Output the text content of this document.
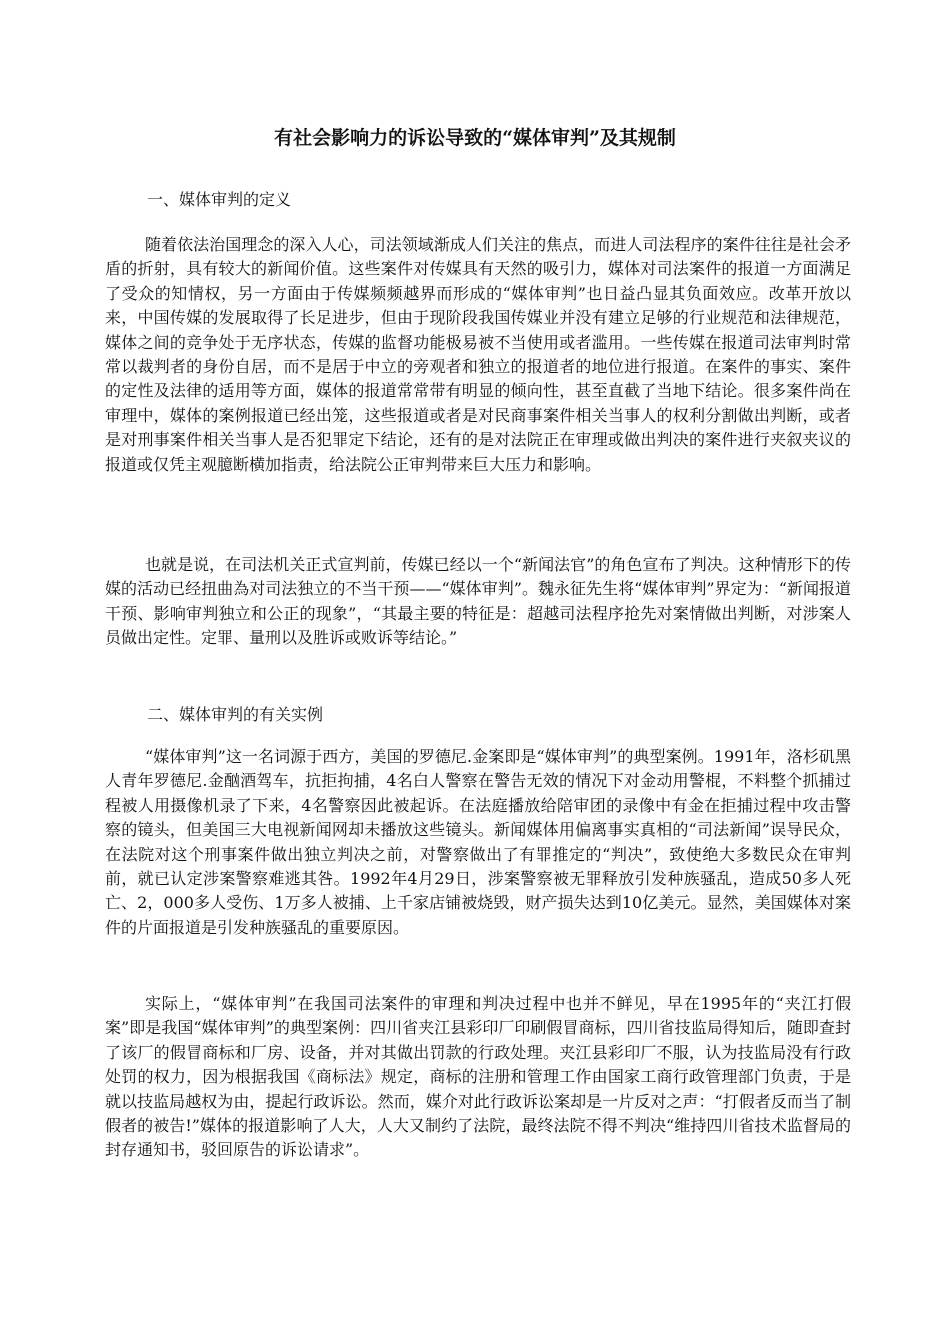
有社会影响力的诉讼导致的“媒体审判”及其规制

一、媒体审判的定义

随着依法治国理念的深入人心，司法领域渐成人们关注的焦点，而进人司法程序的案件往往是社会矛盾的折射，具有较大的新闻价值。这些案件对传媒具有天然的吸引力，媒体对司法案件的报道一方面满足了受众的知情权，另一方面由于传媒频频越界而形成的“媒体审判”也日益凸显其负面效应。改革开放以来，中国传媒的发展取得了长足进步，但由于现阶段我国传媒业并没有建立足够的行业规范和法律规范，媒体之间的竞争处于无序状态，传媒的监督功能极易被不当使用或者滥用。一些传媒在报道司法审判时常常以裁判者的身份自居，而不是居于中立的旁观者和独立的报道者的地位进行报道。在案件的事实、案件的定性及法律的适用等方面，媒体的报道常常带有明显的倾向性，甚至直截了当地下结论。很多案件尚在审理中，媒体的案例报道已经出笼，这些报道或者是对民商事案件相关当事人的权利分割做出判断，或者是对刑事案件相关当事人是否犯罪定下结论，还有的是对法院正在审理或做出判决的案件进行夹叙夹议的报道或仅凭主观臆断横加指责，给法院公正审判带来巨大压力和影响。

也就是说，在司法机关正式宣判前，传媒已经以一个“新闻法官”的角色宣布了判决。这种情形下的传媒的活动已经扭曲為对司法独立的不当干预——“媒体审判”。魏永征先生将“媒体审判”界定为：“新闻报道干预、影响审判独立和公正的现象”，“其最主要的特征是：超越司法程序抢先对案情做出判断，对涉案人员做出定性。定罪、量刑以及胜诉或败诉等结论。”

二、媒体审判的有关实例

“媒体审判”这一名词源于西方，美国的罗德尼.金案即是“媒体审判”的典型案例。1991年，洛杉矶黑人青年罗德尼.金酗酒驾车，抗拒拘捕，4名白人警察在警告无效的情况下对金动用警棍，不料整个抓捕过程被人用摄像机录了下来，4名警察因此被起诉。在法庭播放给陪审团的录像中有金在拒捕过程中攻击警察的镜头，但美国三大电视新闻网却未播放这些镜头。新闻媒体用偏离事实真相的“司法新闻”误导民众，在法院对这个刑事案件做出独立判决之前，对警察做出了有罪推定的“判决”，致使绝大多数民众在审判前，就已认定涉案警察难逃其咎。1992年4月29日，涉案警察被无罪释放引发种族骚乱，造成50多人死亡、2，000多人受伤、1万多人被捕、上千家店铺被烧毁，财产损失达到10亿美元。显然，美国媒体对案件的片面报道是引发种族骚乱的重要原因。

实际上，“媒体审判”在我国司法案件的审理和判决过程中也并不鲜见，早在1995年的“夹江打假案”即是我国“媒体审判”的典型案例：四川省夹江县彩印厂印刷假冒商标，四川省技监局得知后，随即查封了该厂的假冒商标和厂房、设备，并对其做出罚款的行政处理。夹江县彩印厂不服，认为技监局没有行政处罚的权力，因为根据我国《商标法》规定，商标的注册和管理工作由国家工商行政管理部门负责，于是就以技监局越权为由，提起行政诉讼。然而，媒介对此行政诉讼案却是一片反对之声：“打假者反而当了制假者的被告!”媒体的报道影响了人大，人大又制约了法院，最终法院不得不判决“维持四川省技术监督局的封存通知书，驳回原告的诉讼请求”。
